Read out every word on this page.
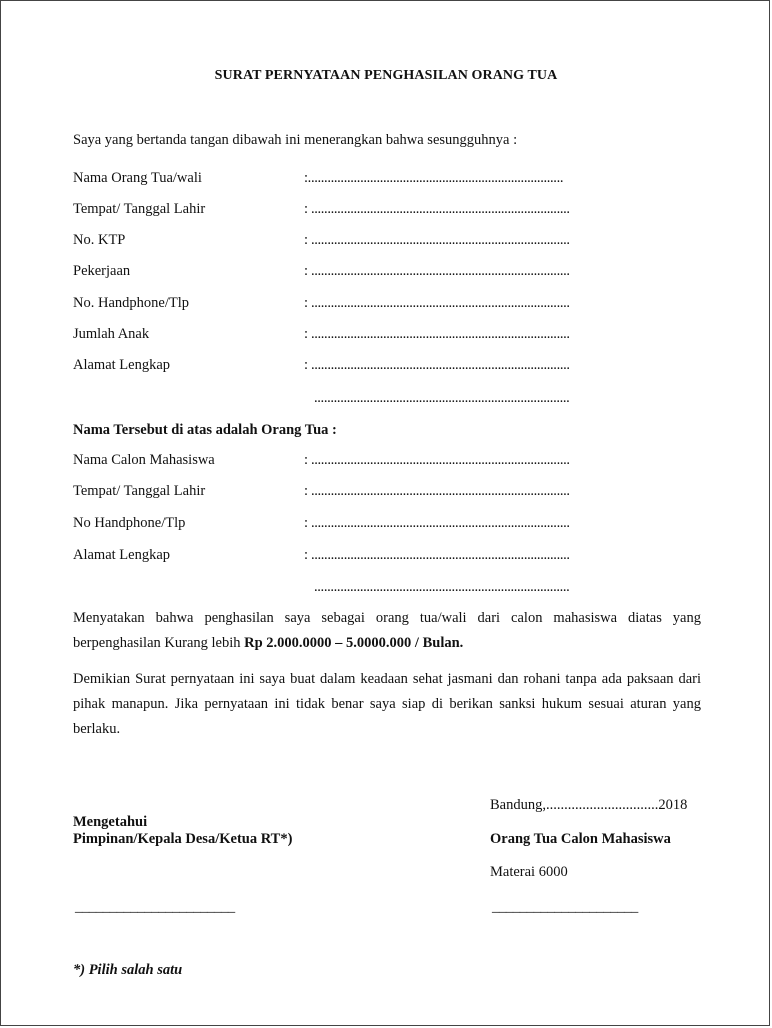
SURAT PERNYATAAN PENGHASILAN ORANG TUA
Saya yang bertanda tangan dibawah ini menerangkan bahwa sesungguhnya :
Nama Orang Tua/wali	:..............................................................................
Tempat/ Tanggal Lahir	: ...............................................................................
No. KTP	: ...............................................................................
Pekerjaan	: ...............................................................................
No. Handphone/Tlp	: ...............................................................................
Jumlah Anak	: ...............................................................................
Alamat Lengkap	: ...............................................................................
..............................................................................
Nama Tersebut di atas adalah Orang Tua :
Nama Calon Mahasiswa	: ...............................................................................
Tempat/ Tanggal Lahir	: ...............................................................................
No Handphone/Tlp	: ...............................................................................
Alamat Lengkap	: ...............................................................................
..............................................................................
Menyatakan bahwa penghasilan saya sebagai orang tua/wali dari calon mahasiswa diatas yang berpenghasilan Kurang lebih Rp 2.000.0000 – 5.0000.000 / Bulan.
Demikian Surat pernyataan ini saya buat dalam keadaan sehat jasmani dan rohani tanpa ada paksaan dari pihak manapun. Jika pernyataan ini tidak benar saya siap di berikan sanksi hukum sesuai aturan yang berlaku.
Bandung,...............................2018
Mengetahui
Pimpinan/Kepala Desa/Ketua RT*)	Orang Tua Calon Mahasiswa
Materai 6000
_______________________	_____________________
*) Pilih salah satu
